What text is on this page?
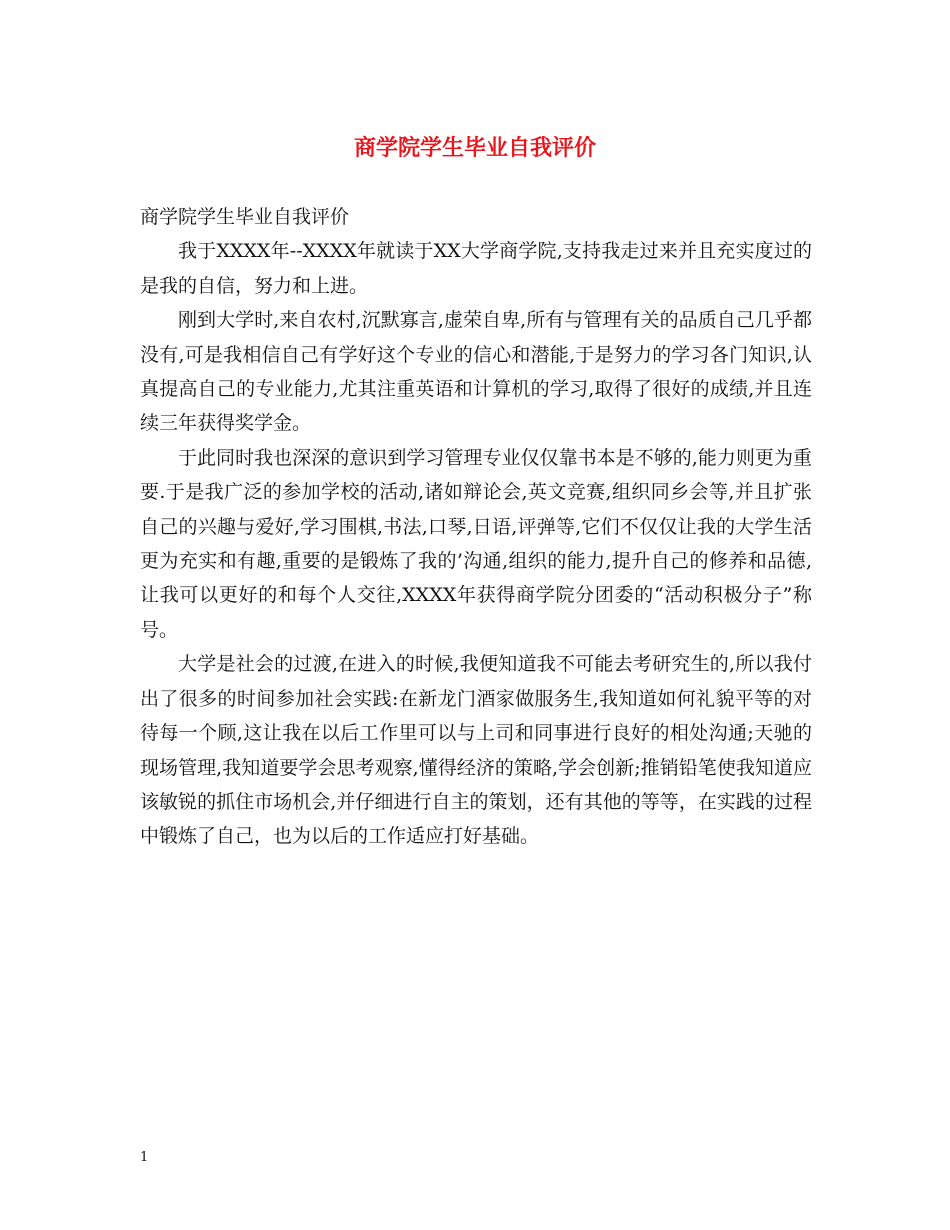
商学院学生毕业自我评价

商学院学生毕业自我评价

我于XXXX年--XXXX年就读于XX大学商学院,支持我走过来并且充实度过的是我的自信，努力和上进。

刚到大学时,来自农村,沉默寡言,虚荣自卑,所有与管理有关的品质自己几乎都没有,可是我相信自己有学好这个专业的信心和潜能,于是努力的学习各门知识,认真提高自己的专业能力,尤其注重英语和计算机的学习,取得了很好的成绩,并且连续三年获得奖学金。

于此同时我也深深的意识到学习管理专业仅仅靠书本是不够的,能力则更为重要.于是我广泛的参加学校的活动,诸如辩论会,英文竞赛,组织同乡会等,并且扩张自己的兴趣与爱好,学习围棋,书法,口琴,日语,评弹等,它们不仅仅让我的大学生活更为充实和有趣,重要的是锻炼了我的’沟通,组织的能力,提升自己的修养和品德,让我可以更好的和每个人交往,XXXX年获得商学院分团委的“活动积极分子”称号。

大学是社会的过渡,在进入的时候,我便知道我不可能去考研究生的,所以我付出了很多的时间参加社会实践:在新龙门酒家做服务生,我知道如何礼貌平等的对待每一个顾,这让我在以后工作里可以与上司和同事进行良好的相处沟通;天驰的现场管理,我知道要学会思考观察,懂得经济的策略,学会创新;推销铅笔使我知道应该敏锐的抓住市场机会,并仔细进行自主的策划，还有其他的等等，在实践的过程中锻炼了自己，也为以后的工作适应打好基础。

1
